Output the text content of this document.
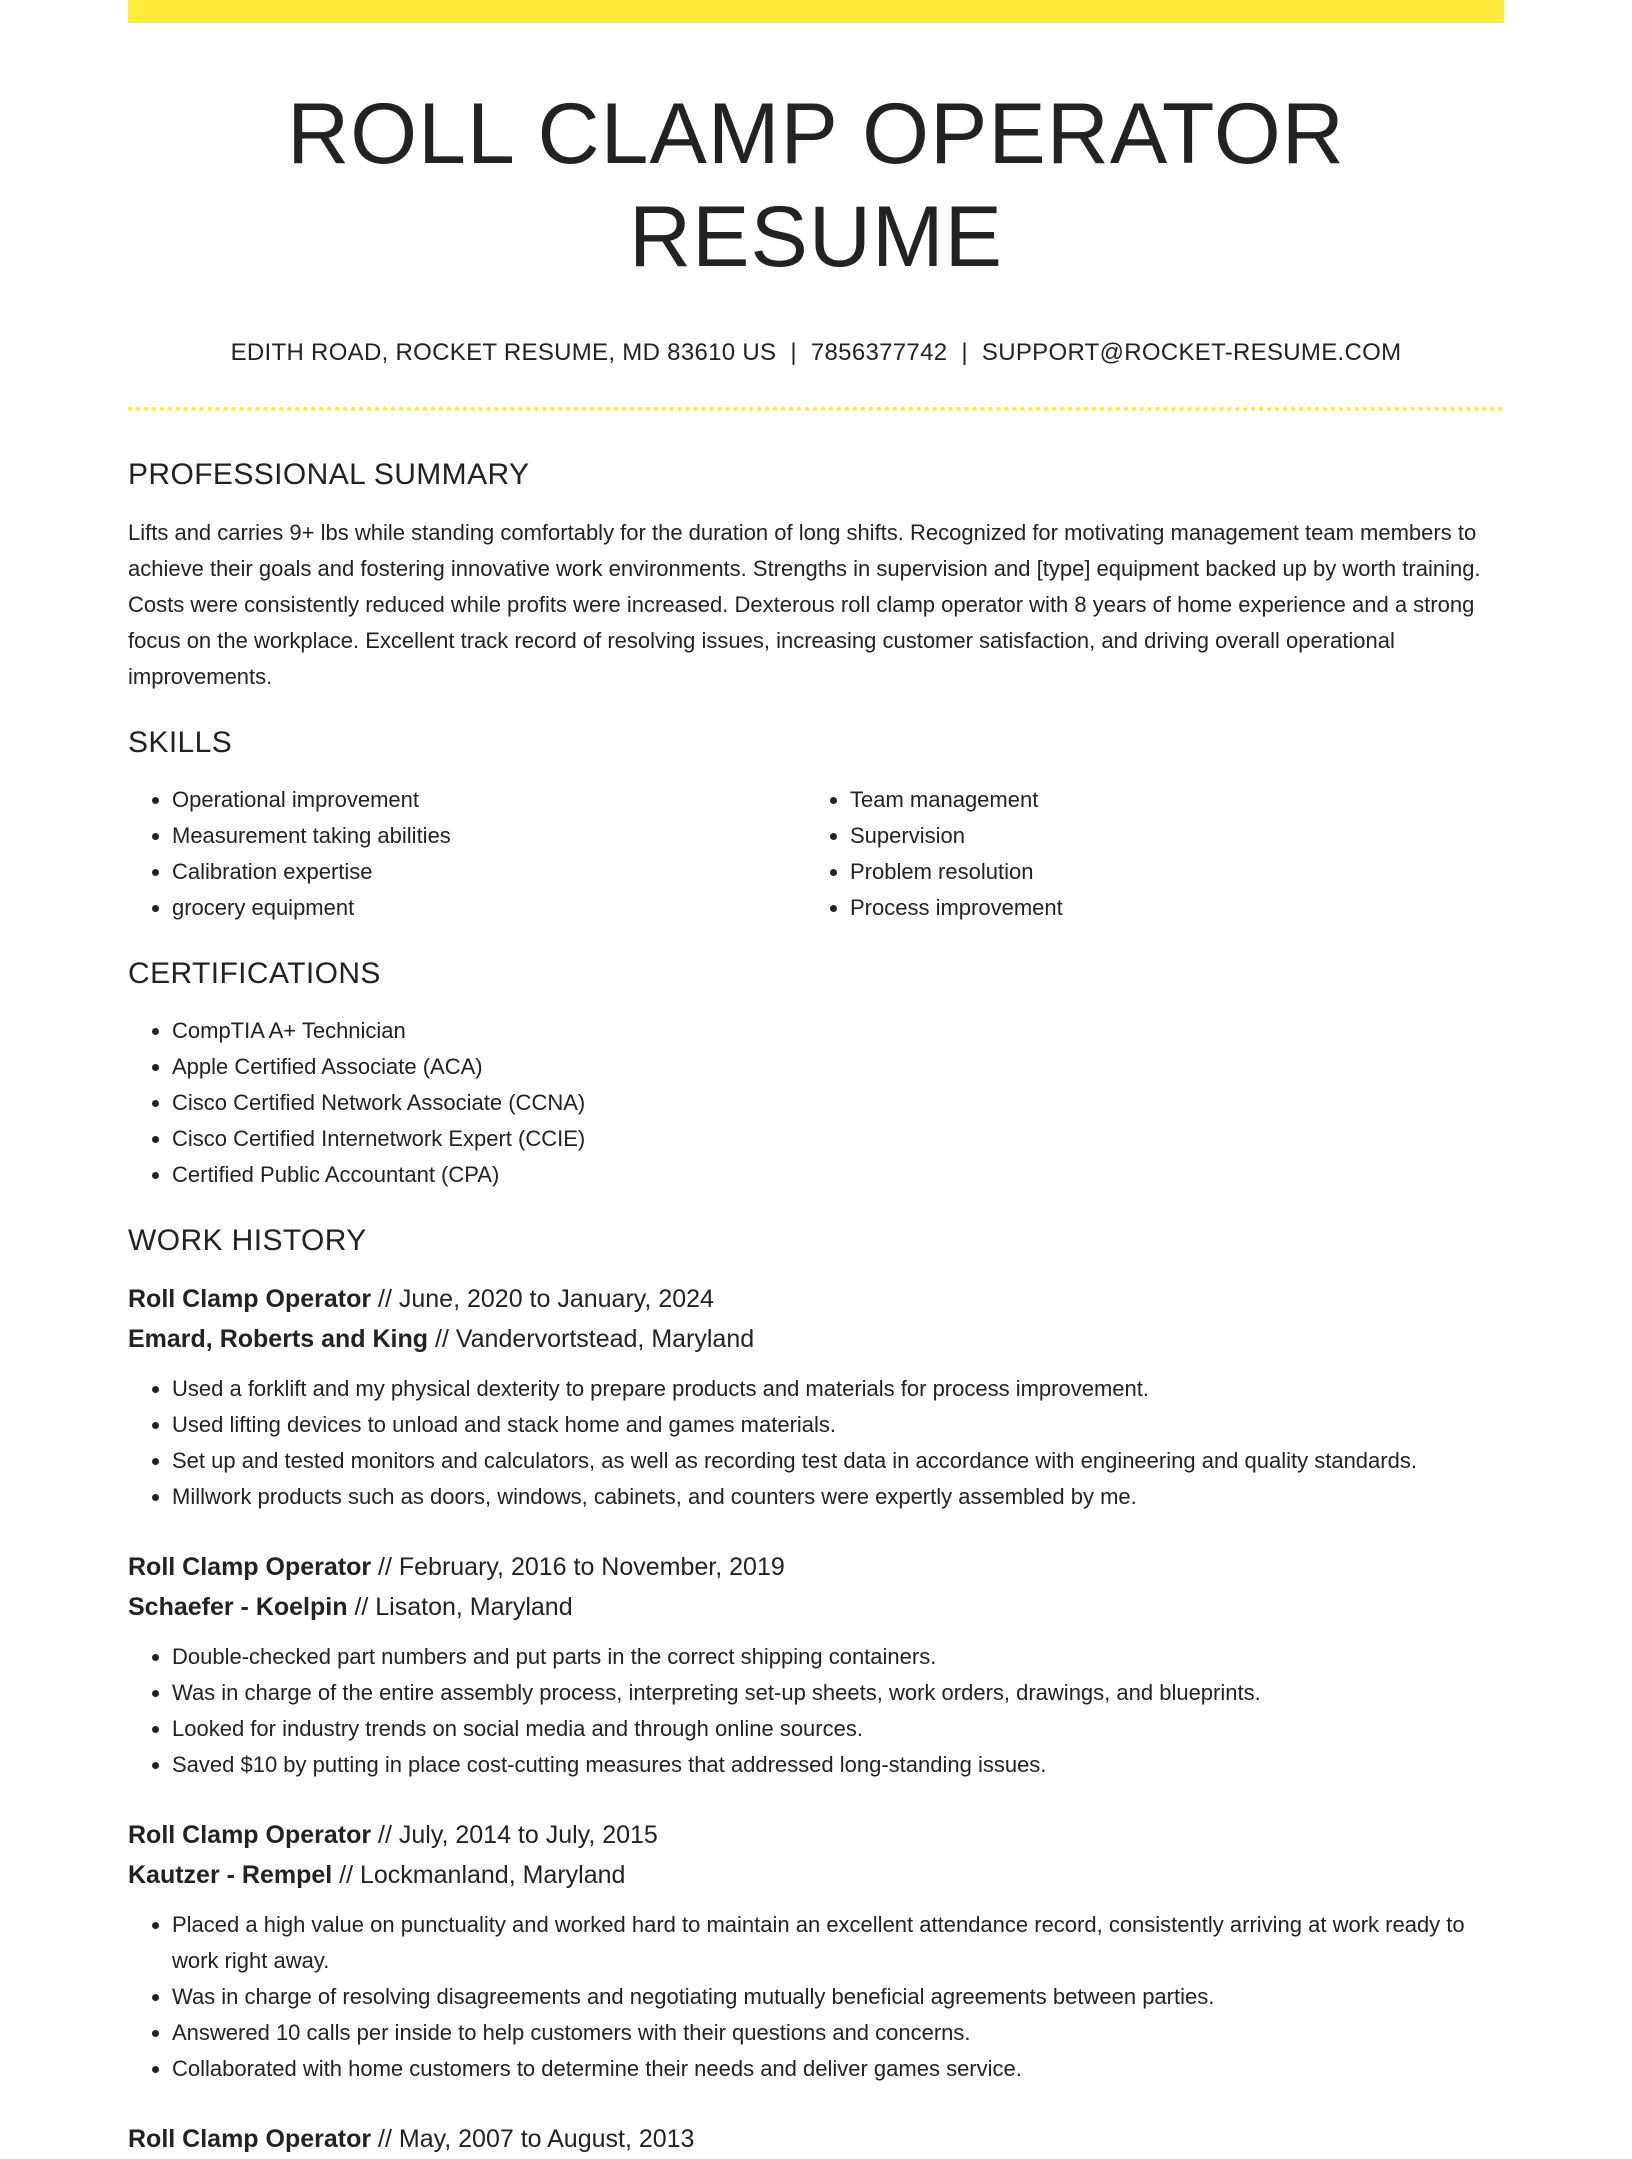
ROLL CLAMP OPERATOR RESUME
EDITH ROAD, ROCKET RESUME, MD 83610 US | 7856377742 | SUPPORT@ROCKET-RESUME.COM
PROFESSIONAL SUMMARY
Lifts and carries 9+ lbs while standing comfortably for the duration of long shifts. Recognized for motivating management team members to achieve their goals and fostering innovative work environments. Strengths in supervision and [type] equipment backed up by worth training. Costs were consistently reduced while profits were increased. Dexterous roll clamp operator with 8 years of home experience and a strong focus on the workplace. Excellent track record of resolving issues, increasing customer satisfaction, and driving overall operational improvements.
SKILLS
• Operational improvement
• Measurement taking abilities
• Calibration expertise
• grocery equipment
• Team management
• Supervision
• Problem resolution
• Process improvement
CERTIFICATIONS
• CompTIA A+ Technician
• Apple Certified Associate (ACA)
• Cisco Certified Network Associate (CCNA)
• Cisco Certified Internetwork Expert (CCIE)
• Certified Public Accountant (CPA)
WORK HISTORY
Roll Clamp Operator // June, 2020 to January, 2024
Emard, Roberts and King // Vandervortstead, Maryland
• Used a forklift and my physical dexterity to prepare products and materials for process improvement.
• Used lifting devices to unload and stack home and games materials.
• Set up and tested monitors and calculators, as well as recording test data in accordance with engineering and quality standards.
• Millwork products such as doors, windows, cabinets, and counters were expertly assembled by me.
Roll Clamp Operator // February, 2016 to November, 2019
Schaefer - Koelpin // Lisaton, Maryland
• Double-checked part numbers and put parts in the correct shipping containers.
• Was in charge of the entire assembly process, interpreting set-up sheets, work orders, drawings, and blueprints.
• Looked for industry trends on social media and through online sources.
• Saved $10 by putting in place cost-cutting measures that addressed long-standing issues.
Roll Clamp Operator // July, 2014 to July, 2015
Kautzer - Rempel // Lockmanland, Maryland
• Placed a high value on punctuality and worked hard to maintain an excellent attendance record, consistently arriving at work ready to work right away.
• Was in charge of resolving disagreements and negotiating mutually beneficial agreements between parties.
• Answered 10 calls per inside to help customers with their questions and concerns.
• Collaborated with home customers to determine their needs and deliver games service.
Roll Clamp Operator // May, 2007 to August, 2013
